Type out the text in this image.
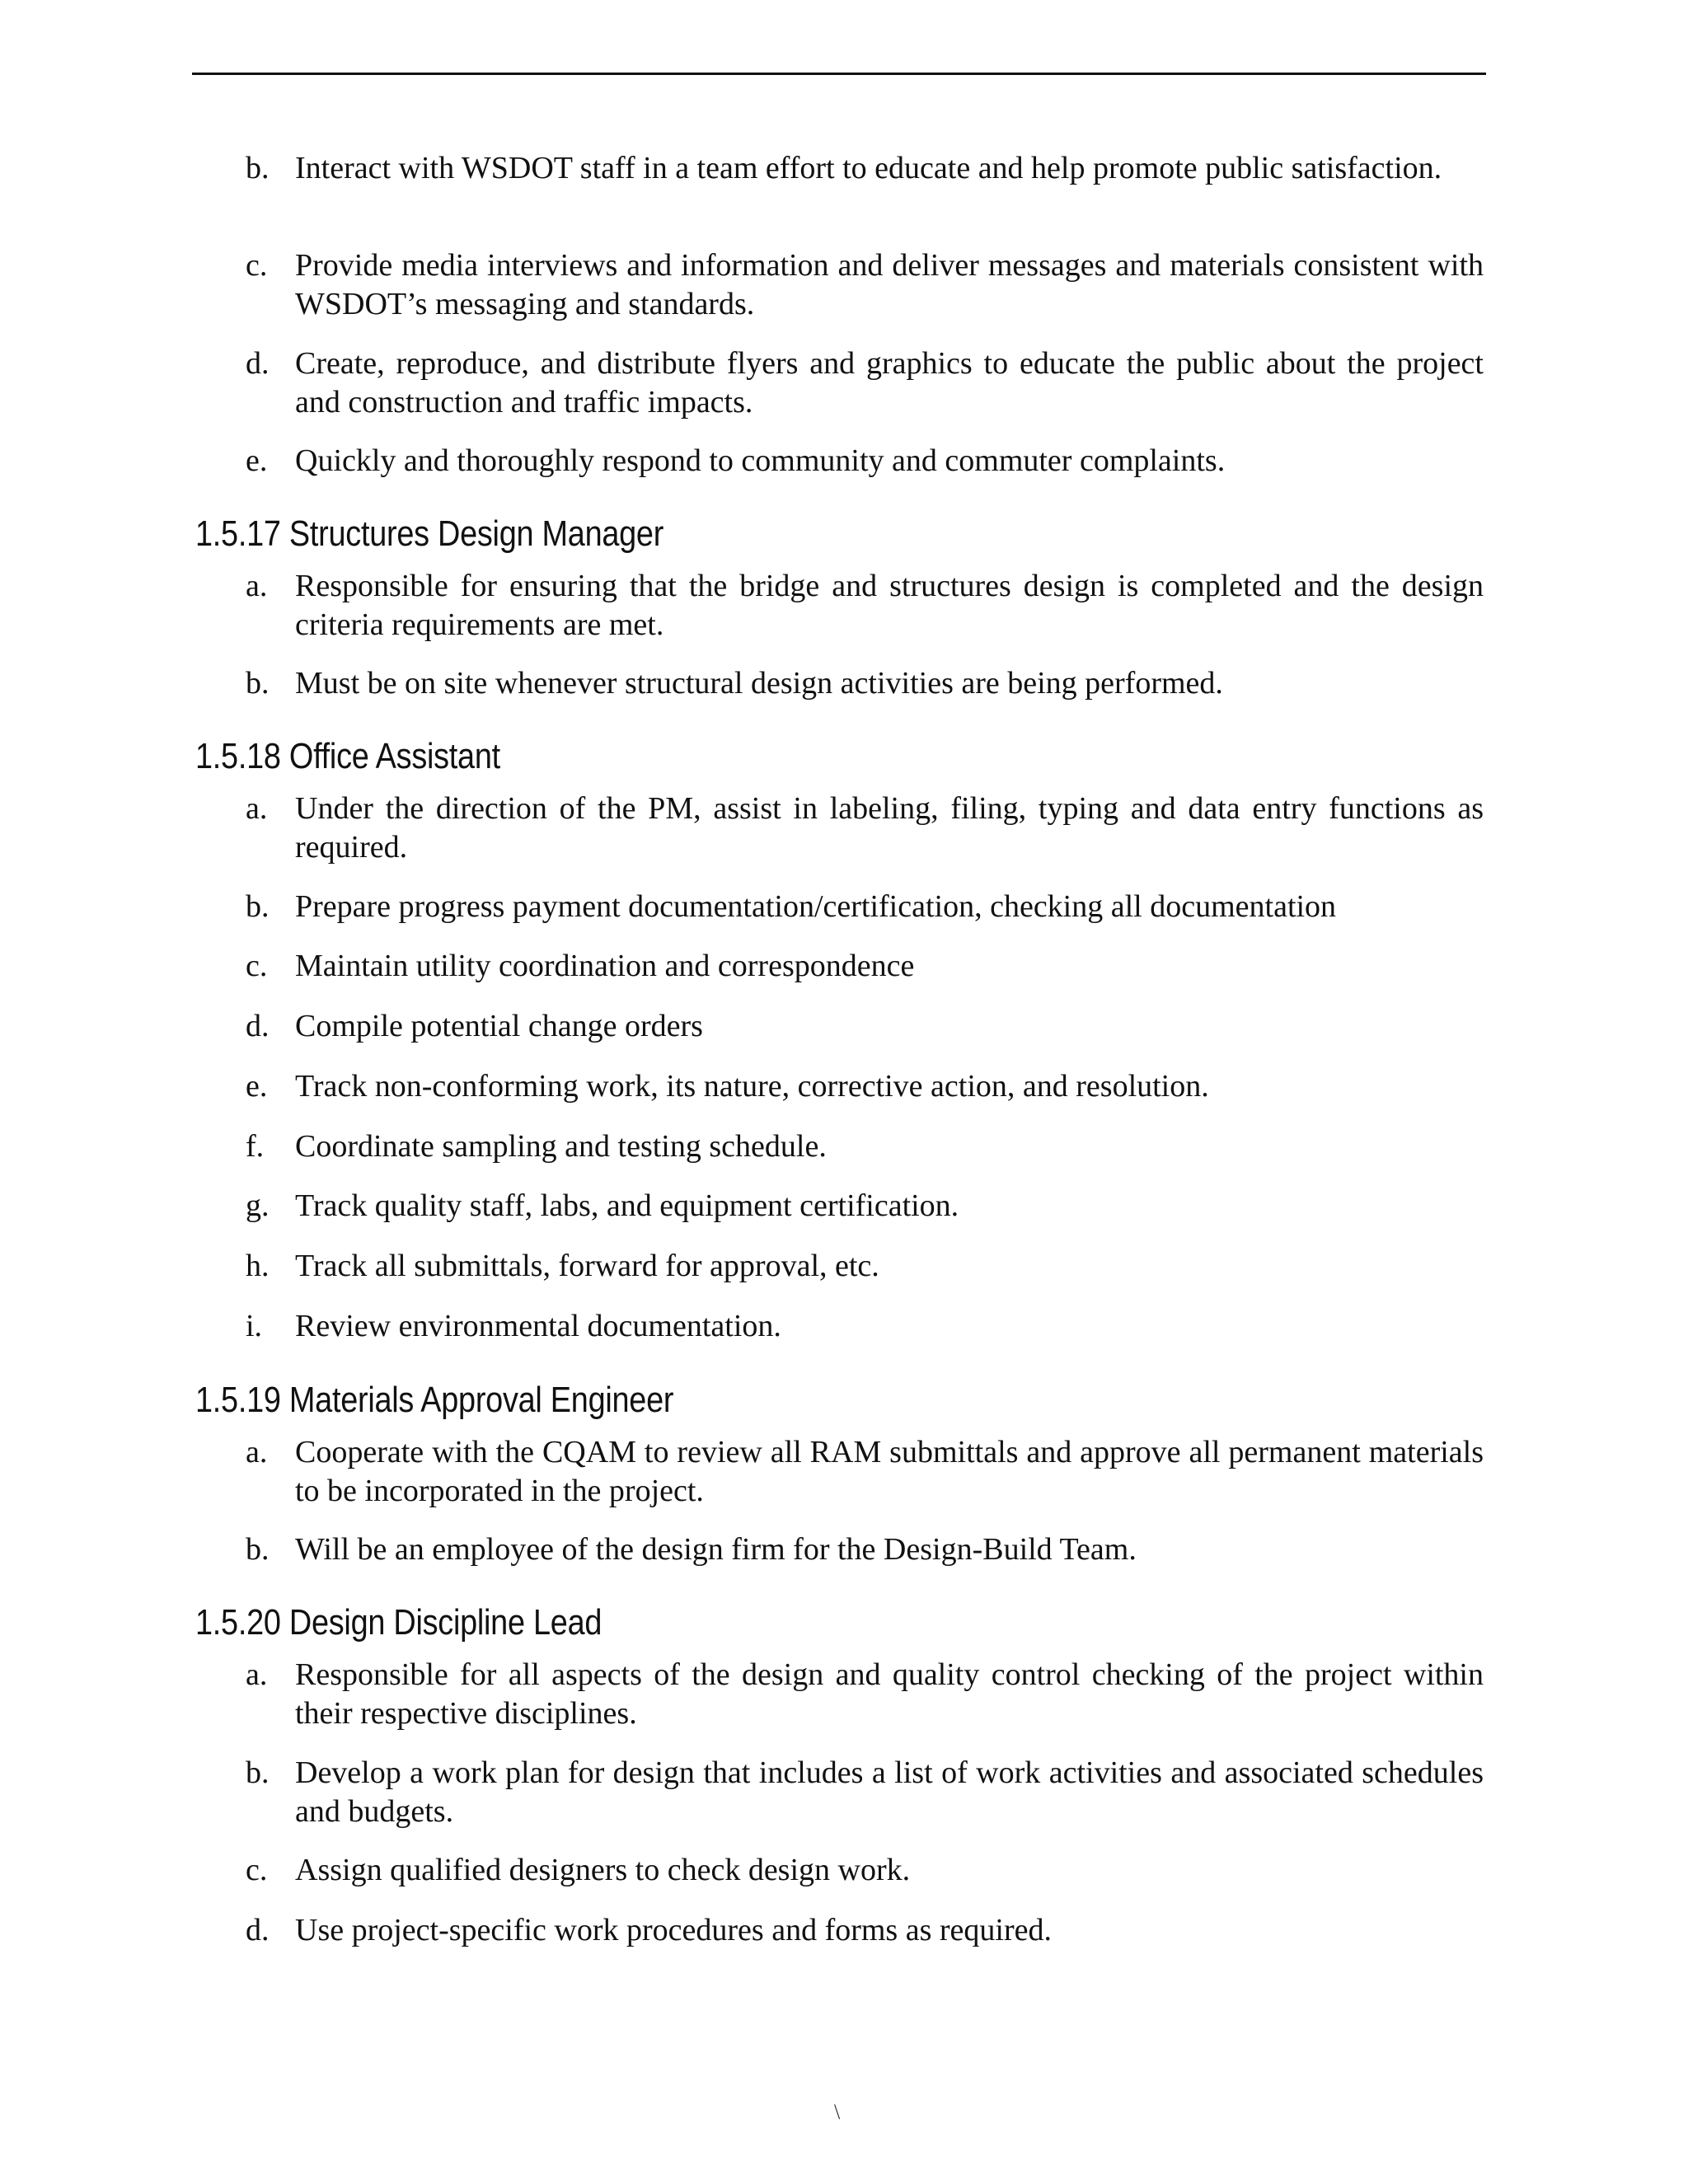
b. Interact with WSDOT staff in a team effort to educate and help promote public satisfaction.
c. Provide media interviews and information and deliver messages and materials consistent with WSDOT’s messaging and standards.
d. Create, reproduce, and distribute flyers and graphics to educate the public about the project and construction and traffic impacts.
e. Quickly and thoroughly respond to community and commuter complaints.
1.5.17 Structures Design Manager
a. Responsible for ensuring that the bridge and structures design is completed and the design criteria requirements are met.
b. Must be on site whenever structural design activities are being performed.
1.5.18 Office Assistant
a. Under the direction of the PM, assist in labeling, filing, typing and data entry functions as required.
b. Prepare progress payment documentation/certification, checking all documentation
c. Maintain utility coordination and correspondence
d. Compile potential change orders
e. Track non-conforming work, its nature, corrective action, and resolution.
f. Coordinate sampling and testing schedule.
g. Track quality staff, labs, and equipment certification.
h. Track all submittals, forward for approval, etc.
i.	Review environmental documentation.
1.5.19 Materials Approval Engineer
a. Cooperate with the CQAM to review all RAM submittals and approve all permanent materials to be incorporated in the project.
b. Will be an employee of the design firm for the Design-Build Team.
1.5.20 Design Discipline Lead
a. Responsible for all aspects of the design and quality control checking of the project within their respective disciplines.
b. Develop a work plan for design that includes a list of work activities and associated schedules and budgets.
c. Assign qualified designers to check design work.
d. Use project-specific work procedures and forms as required.
\
